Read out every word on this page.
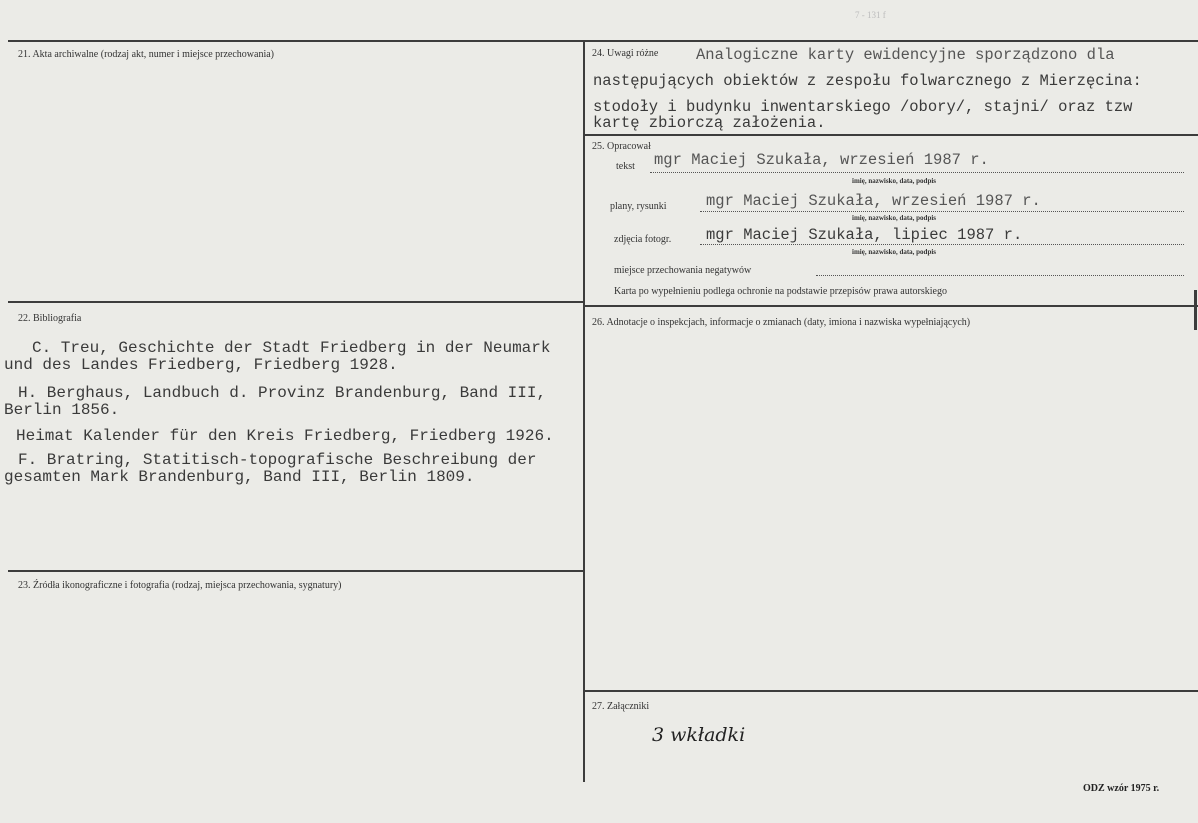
7 - 131 f
21. Akta archiwalne (rodzaj akt, numer i miejsce przechowania)
22. Bibliografia
C. Treu, Geschichte der Stadt Friedberg in der Neumark
und des Landes Friedberg, Friedberg 1928.
H. Berghaus, Landbuch d. Provinz Brandenburg, Band III,
Berlin 1856.
Heimat Kalender für den Kreis Friedberg, Friedberg 1926.
F. Bratring, Statitisch-topografische Beschreibung der
gesamten Mark Brandenburg, Band III, Berlin 1809.
23. Źródła ikonograficzne i fotografia (rodzaj, miejsca przechowania, sygnatury)
24. Uwagi różne Analogiczne karty ewidencyjne sporządzono dla
następujących obiektów z zespołu folwarcznego z Mierzęcina:
stodoły i budynku inwentarskiego /obory/, stajni/ oraz tzw
kartę zbiorczą założenia.
25. Opracował
tekst mgr Maciej Szukała, wrzesień 1987 r.
imię, nazwisko, data, podpis
plany, rysunki	mgr Maciej Szukała, wrzesień 1987 r.
imię, nazwisko, data, podpis
zdjęcia fotogr. mgr Maciej Szukała, lipiec 1987 r.
imię, nazwisko, data, podpis
miejsce przechowania negatywów
Karta po wypełnieniu podlega ochronie na podstawie przepisów prawa autorskiego
26. Adnotacje o inspekcjach, informacje o zmianach (daty, imiona i nazwiska wypełniających)
27. Załączniki
3 wkładki
ODZ wzór 1975 r.
